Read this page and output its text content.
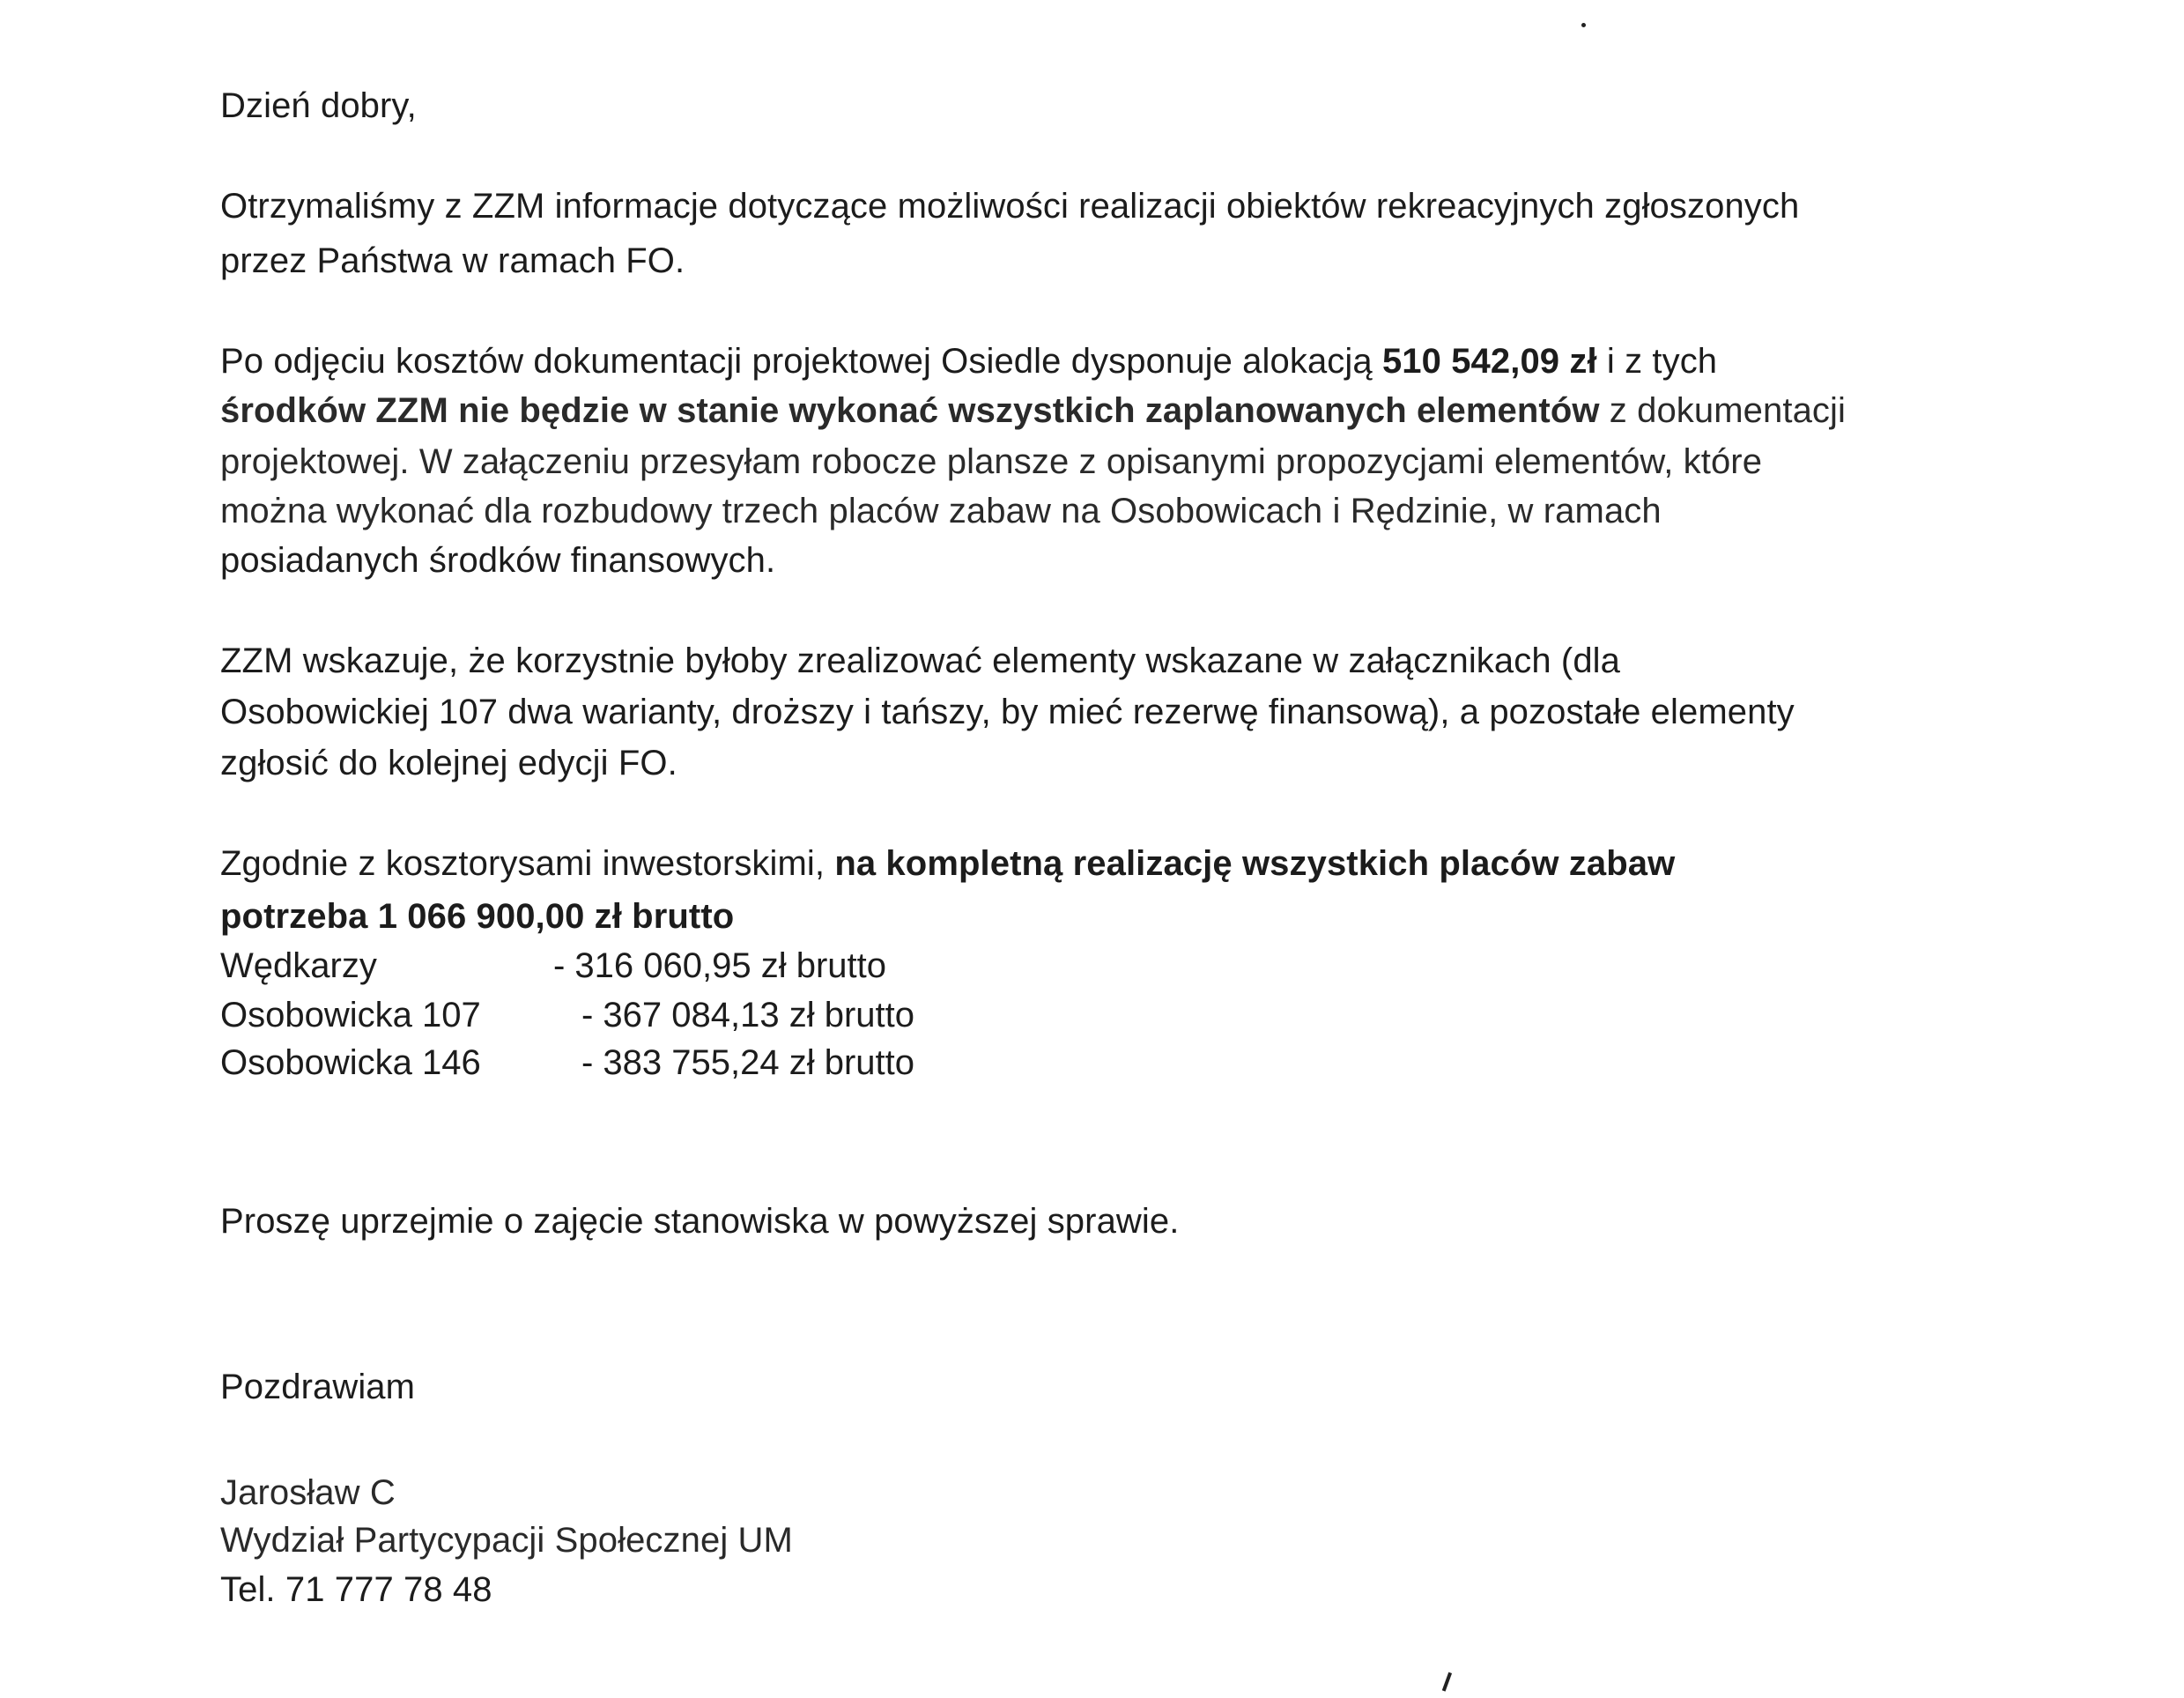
Dzień dobry,
Otrzymaliśmy z ZZM informacje dotyczące możliwości realizacji obiektów rekreacyjnych zgłoszonych
przez Państwa w ramach FO.
Po odjęciu kosztów dokumentacji projektowej Osiedle dysponuje alokacją 510 542,09 zł i z tych
środków ZZM nie będzie w stanie wykonać wszystkich zaplanowanych elementów z dokumentacji
projektowej. W załączeniu przesyłam robocze plansze z opisanymi propozycjami elementów, które
można wykonać dla rozbudowy trzech placów zabaw na Osobowicach i Rędzinie, w ramach
posiadanych środków finansowych.
ZZM wskazuje, że korzystnie byłoby zrealizować elementy wskazane w załącznikach (dla
Osobowickiej 107 dwa warianty, droższy i tańszy, by mieć rezerwę finansową), a pozostałe elementy
zgłosić do kolejnej edycji FO.
Zgodnie z kosztorysami inwestorskimi, na kompletną realizację wszystkich placów zabaw
potrzeba 1 066 900,00 zł brutto
Wędkarzy	- 316 060,95 zł brutto
Osobowicka 107	- 367 084,13 zł brutto
Osobowicka 146	- 383 755,24 zł brutto
Proszę uprzejmie o zajęcie stanowiska w powyższej sprawie.
Pozdrawiam
Jarosław C
Wydział Partycypacji Społecznej UM
Tel. 71 777 78 48
